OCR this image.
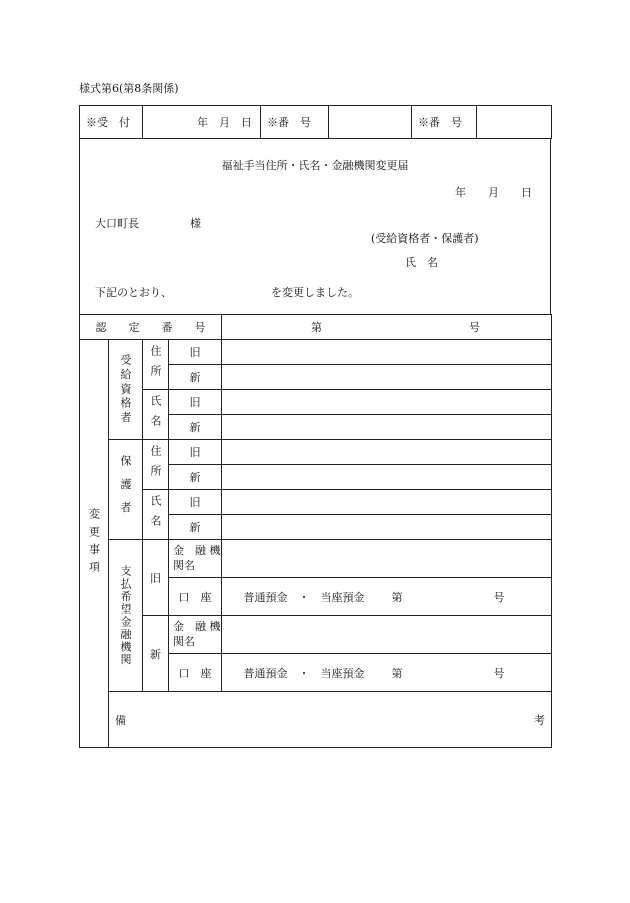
様式第6(第8条関係)
※受　付	年　月　日	※番　号		※番　号	
福祉手当住所・氏名・金融機関変更届
年　　月　　日
大口町長	様
(受給資格者・保護者)
氏　名
下記のとおり、	を変更しました。
認　　定　　番　　号				第 号	

変更事項	受給資格者	住所	旧		
			新		

		氏名	旧		
			新		

	保護者	住所	旧		
			新		

		氏名	旧		
			新		

	支払希望金融機関	旧	金　融 機関名		
			口　座	普通預金　・　当座預金 第 号	
		新	金　融 機関名		
			口　座	普通預金　・　当座預金 第 号	
	備 考				
